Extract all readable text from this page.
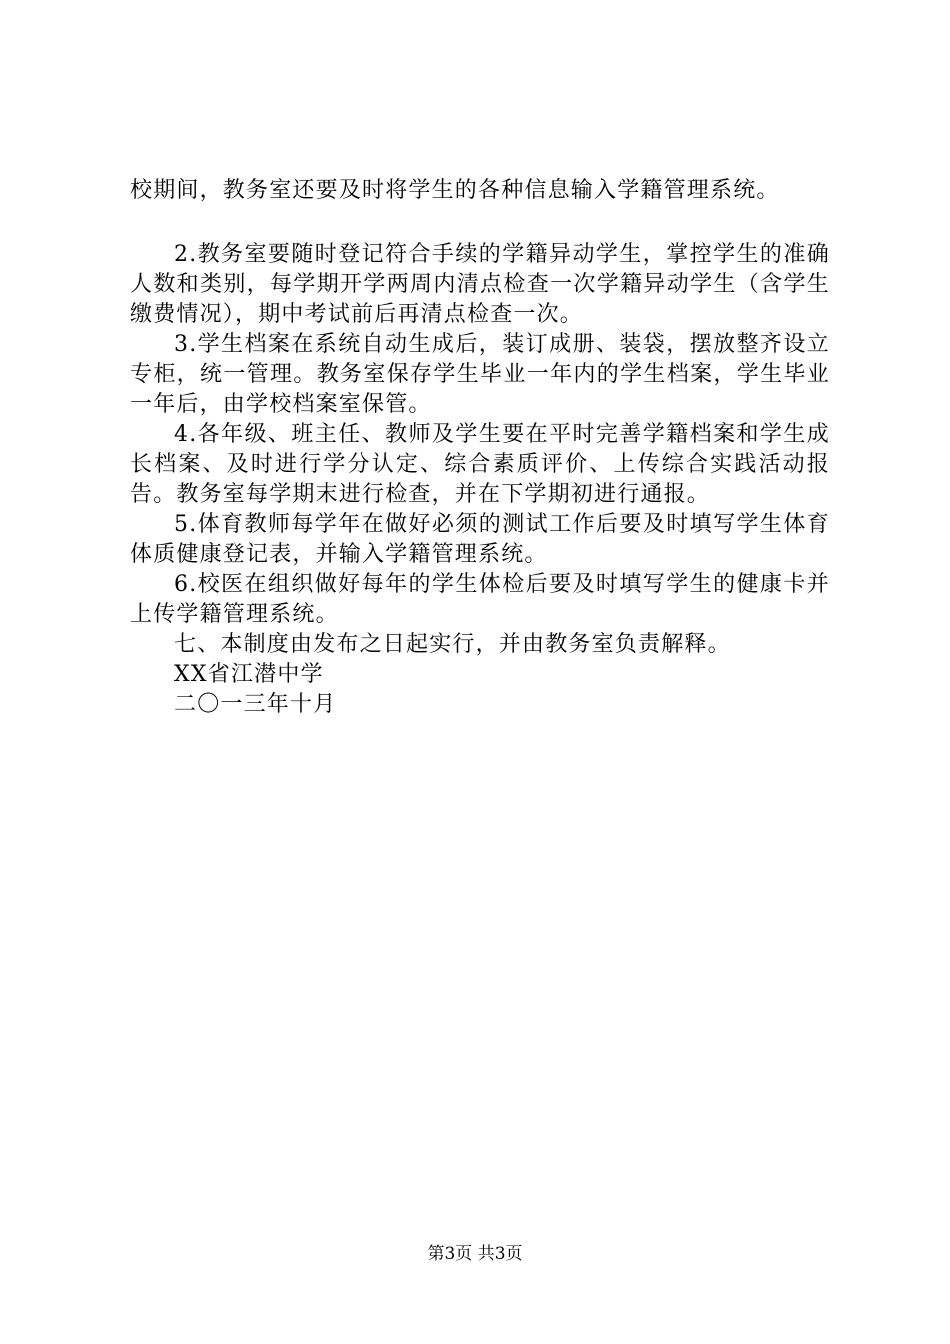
校期间，教务室还要及时将学生的各种信息输入学籍管理系统。

2.教务室要随时登记符合手续的学籍异动学生，掌控学生的准确人数和类别，每学期开学两周内清点检查一次学籍异动学生（含学生缴费情况），期中考试前后再清点检查一次。

3.学生档案在系统自动生成后，装订成册、装袋，摆放整齐设立专柜，统一管理。教务室保存学生毕业一年内的学生档案，学生毕业一年后，由学校档案室保管。

4.各年级、班主任、教师及学生要在平时完善学籍档案和学生成长档案、及时进行学分认定、综合素质评价、上传综合实践活动报告。教务室每学期末进行检查，并在下学期初进行通报。

5.体育教师每学年在做好必须的测试工作后要及时填写学生体育体质健康登记表，并输入学籍管理系统。

6.校医在组织做好每年的学生体检后要及时填写学生的健康卡并上传学籍管理系统。

七、本制度由发布之日起实行，并由教务室负责解释。

XX省江潜中学

二〇一三年十月

第3页 共3页
